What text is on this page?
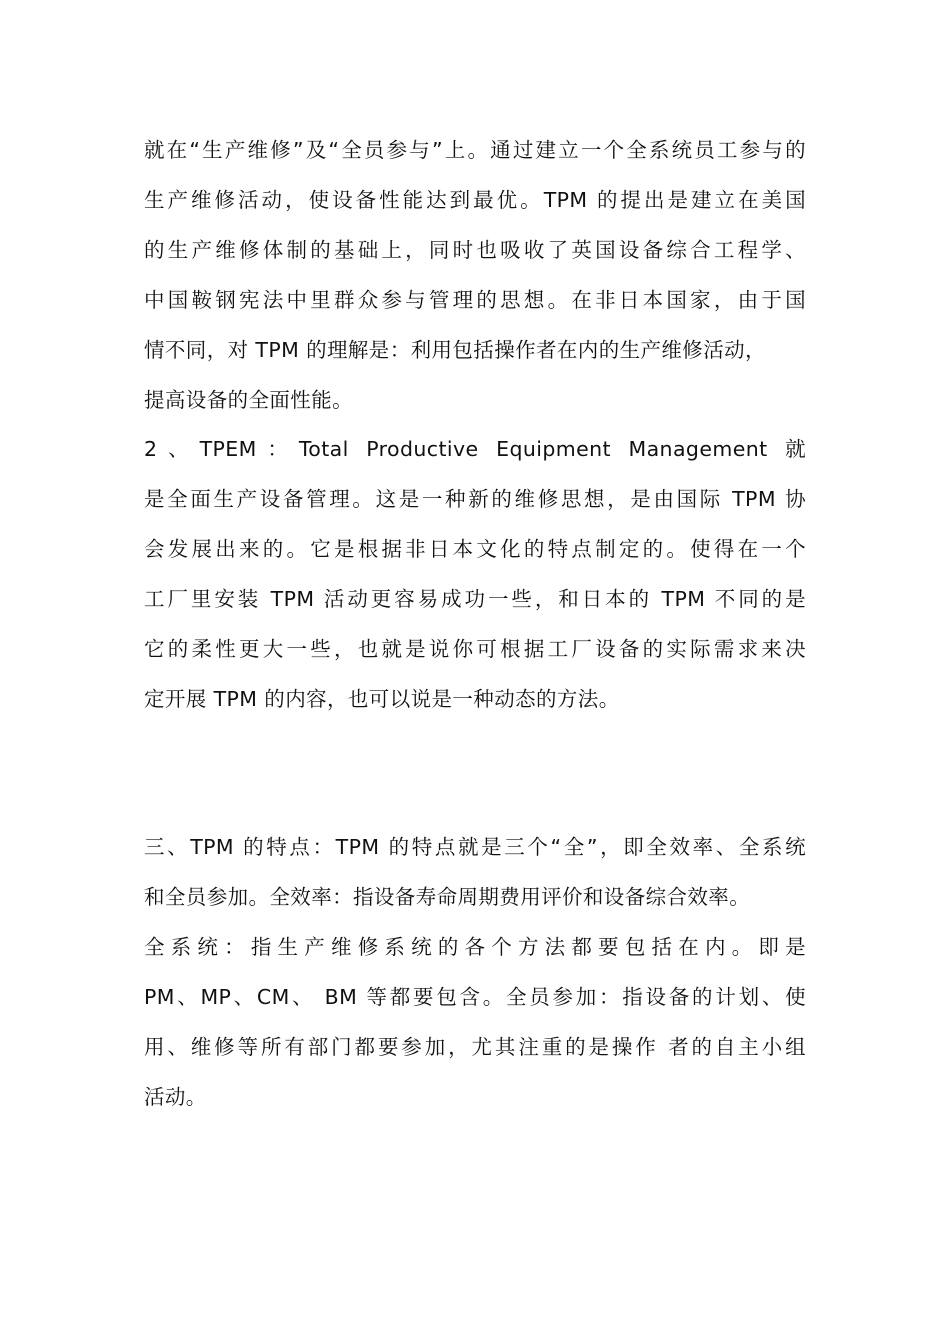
就在“生产维修”及“全员参与”上。通过建立一个全系统员工参与的
生产维修活动，使设备性能达到最优。TPM 的提出是建立在美国
的生产维修体制的基础上，同时也吸收了英国设备综合工程学、
中国鞍钢宪法中里群众参与管理的思想。在非日本国家，由于国
情不同，对 TPM 的理解是：利用包括操作者在内的生产维修活动，
提高设备的全面性能。
2、TPEM：Total Productive Equipment Management 就
是全面生产设备管理。这是一种新的维修思想，是由国际 TPM 协
会发展出来的。它是根据非日本文化的特点制定的。使得在一个
工厂里安装 TPM 活动更容易成功一些，和日本的 TPM 不同的是
它的柔性更大一些，也就是说你可根据工厂设备的实际需求来决
定开展 TPM 的内容，也可以说是一种动态的方法。
三、TPM 的特点：TPM 的特点就是三个“全”，即全效率、全系统
和全员参加。全效率：指设备寿命周期费用评价和设备综合效率。
全系统：指生产维修系统的各个方法都要包括在内。即是
PM、MP、CM、 BM 等都要包含。全员参加：指设备的计划、使
用、维修等所有部门都要参加，尤其注重的是操作 者的自主小组
活动。
